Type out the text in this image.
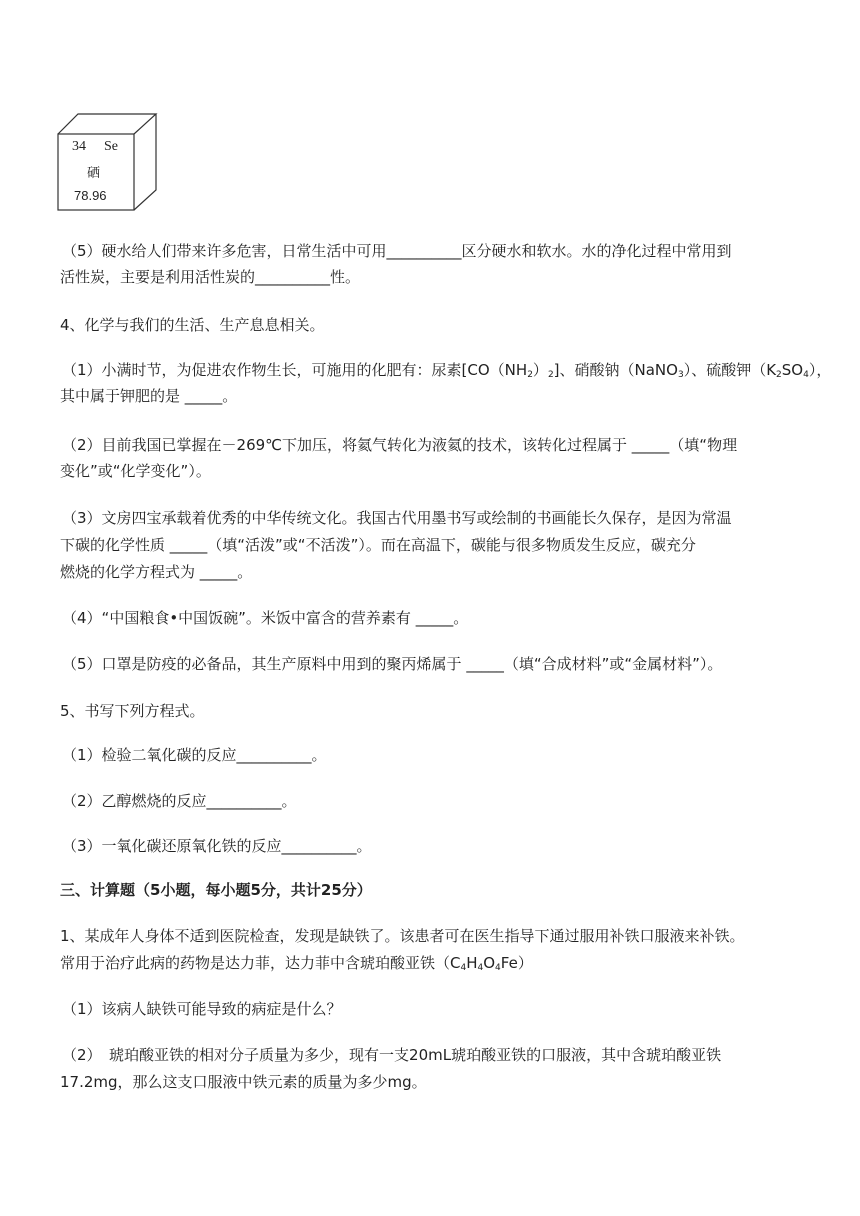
34 Se
硒
78.96
（5）硬水给人们带来许多危害，日常生活中可用__________区分硬水和软水。水的净化过程中常用到
活性炭，主要是利用活性炭的__________性。
4、化学与我们的生活、生产息息相关。
（1）小满时节，为促进农作物生长，可施用的化肥有：尿素$[CO(NH_2)_2]$、硝酸钠（NaNO$_3$）、硫酸钾$(K_2SO_4)$，
其中属于钾肥的是 _____。
（2）目前我国已掌握在－269℃下加压，将氦气转化为液氦的技术，该转化过程属于 _____（填“物理
变化”或“化学变化”）。
（3）文房四宝承载着优秀的中华传统文化。我国古代用墨书写或绘制的书画能长久保存，是因为常温
下碳的化学性质 _____（填“活泼”或“不活泼”）。而在高温下，碳能与很多物质发生反应，碳充分
燃烧的化学方程式为 _____。
（4）“中国粮食•中国饭碗”。米饭中富含的营养素有 _____。
（5）口罩是防疫的必备品，其生产原料中用到的聚丙烯属于 _____（填“合成材料”或“金属材料”）。
5、书写下列方程式。
（1）检验二氧化碳的反应__________。
（2）乙醇燃烧的反应__________。
（3）一氧化碳还原氧化铁的反应__________。
三、计算题（5小题，每小题5分，共计25分）
1、某成年人身体不适到医院检查，发现是缺铁了。该患者可在医生指导下通过服用补铁口服液来补铁。
常用于治疗此病的药物是达力菲，达力菲中含琥珀酸亚铁$(C_4H_4O_4Fe)$
（1）该病人缺铁可能导致的病症是什么？
（2）　琥珀酸亚铁的相对分子质量为多少，现有一支20mL琥珀酸亚铁的口服液，其中含琥珀酸亚铁
17.2mg，那么这支口服液中铁元素的质量为多少mg。
